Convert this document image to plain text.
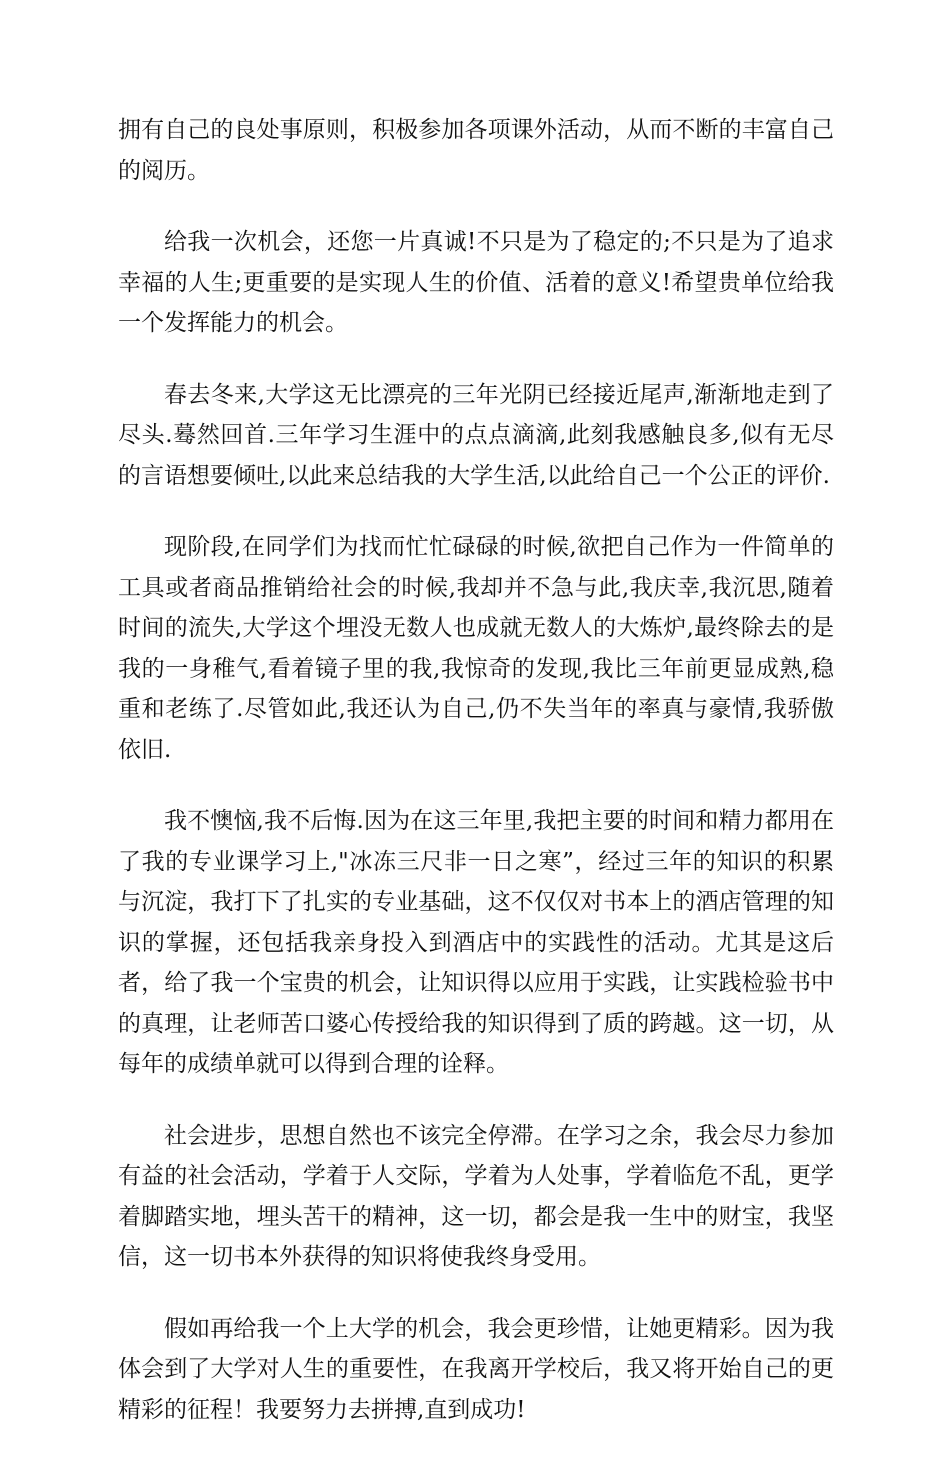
拥有自己的良处事原则，积极参加各项课外活动，从而不断的丰富自己的阅历。

给我一次机会，还您一片真诚!不只是为了稳定的;不只是为了追求幸福的人生;更重要的是实现人生的价值、活着的意义!希望贵单位给我一个发挥能力的机会。

春去冬来,大学这无比漂亮的三年光阴已经接近尾声,渐渐地走到了尽头.蓦然回首.三年学习生涯中的点点滴滴,此刻我感触良多,似有无尽的言语想要倾吐,以此来总结我的大学生活,以此给自己一个公正的评价.

现阶段,在同学们为找而忙忙碌碌的时候,欲把自己作为一件简单的工具或者商品推销给社会的时候,我却并不急与此,我庆幸,我沉思,随着时间的流失,大学这个埋没无数人也成就无数人的大炼炉,最终除去的是我的一身稚气,看着镜子里的我,我惊奇的发现,我比三年前更显成熟,稳重和老练了.尽管如此,我还认为自己,仍不失当年的率真与豪情,我骄傲依旧.

我不懊恼,我不后悔.因为在这三年里,我把主要的时间和精力都用在了我的专业课学习上,"冰冻三尺非一日之寒”，经过三年的知识的积累与沉淀，我打下了扎实的专业基础，这不仅仅对书本上的酒店管理的知识的掌握，还包括我亲身投入到酒店中的实践性的活动。尤其是这后者，给了我一个宝贵的机会，让知识得以应用于实践，让实践检验书中的真理，让老师苦口婆心传授给我的知识得到了质的跨越。这一切，从每年的成绩单就可以得到合理的诠释。

社会进步，思想自然也不该完全停滞。在学习之余，我会尽力参加有益的社会活动，学着于人交际，学着为人处事，学着临危不乱，更学着脚踏实地，埋头苦干的精神，这一切，都会是我一生中的财宝，我坚信，这一切书本外获得的知识将使我终身受用。

假如再给我一个上大学的机会，我会更珍惜，让她更精彩。因为我体会到了大学对人生的重要性，在我离开学校后，我又将开始自己的更精彩的征程！我要努力去拼搏,直到成功!
